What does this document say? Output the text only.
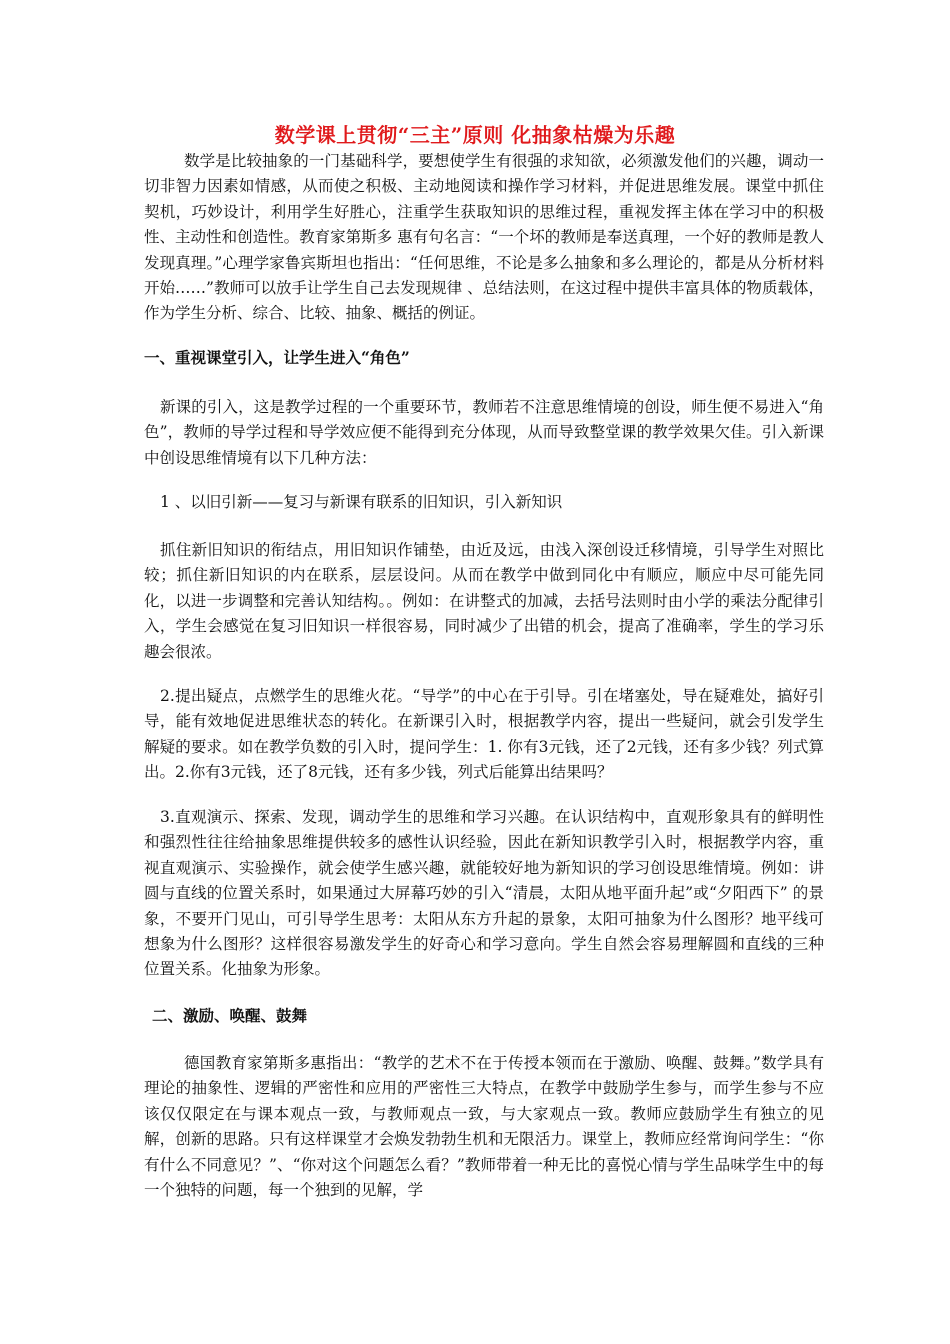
数学课上贯彻“三主”原则 化抽象枯燥为乐趣

数学是比较抽象的一门基础科学，要想使学生有很强的求知欲，必须激发他们的兴趣，调动一切非智力因素如情感，从而使之积极、主动地阅读和操作学习材料，并促进思维发展。课堂中抓住契机，巧妙设计，利用学生好胜心，注重学生获取知识的思维过程，重视发挥主体在学习中的积极性、主动性和创造性。教育家第斯多 惠有句名言：“一个坏的教师是奉送真理，一个好的教师是教人发现真理。”心理学家鲁宾斯坦也指出：“任何思维，不论是多么抽象和多么理论的，都是从分析材料开始……”教师可以放手让学生自己去发现规律 、总结法则，在这过程中提供丰富具体的物质载体，作为学生分析、综合、比较、抽象、概括的例证。

一、重视课堂引入，让学生进入“角色”

新课的引入，这是教学过程的一个重要环节，教师若不注意思维情境的创设，师生便不易进入“角色”，教师的导学过程和导学效应便不能得到充分体现，从而导致整堂课的教学效果欠佳。引入新课中创设思维情境有以下几种方法：

1 、以旧引新——复习与新课有联系的旧知识，引入新知识

抓住新旧知识的衔结点，用旧知识作铺垫，由近及远，由浅入深创设迁移情境，引导学生对照比较；抓住新旧知识的内在联系，层层设问。从而在教学中做到同化中有顺应，顺应中尽可能先同化，以进一步调整和完善认知结构。。例如：在讲整式的加减，去括号法则时由小学的乘法分配律引入，学生会感觉在复习旧知识一样很容易，同时减少了出错的机会，提高了准确率，学生的学习乐趣会很浓。

2.提出疑点，点燃学生的思维火花。“导学”的中心在于引导。引在堵塞处，导在疑难处，搞好引导，能有效地促进思维状态的转化。在新课引入时，根据教学内容，提出一些疑问，就会引发学生解疑的要求。如在教学负数的引入时，提问学生：1. 你有3元钱，还了2元钱，还有多少钱？列式算出。2.你有3元钱，还了8元钱，还有多少钱，列式后能算出结果吗？

3.直观演示、探索、发现，调动学生的思维和学习兴趣。在认识结构中，直观形象具有的鲜明性和强烈性往往给抽象思维提供较多的感性认识经验，因此在新知识教学引入时，根据教学内容，重视直观演示、实验操作，就会使学生感兴趣，就能较好地为新知识的学习创设思维情境。例如：讲圆与直线的位置关系时，如果通过大屏幕巧妙的引入“清晨，太阳从地平面升起”或“夕阳西下” 的景象，不要开门见山，可引导学生思考：太阳从东方升起的景象，太阳可抽象为什么图形？地平线可想象为什么图形？这样很容易激发学生的好奇心和学习意向。学生自然会容易理解圆和直线的三种位置关系。化抽象为形象。

二、激励、唤醒、鼓舞

德国教育家第斯多惠指出：“教学的艺术不在于传授本领而在于激励、唤醒、鼓舞。”数学具有理论的抽象性、逻辑的严密性和应用的严密性三大特点，在教学中鼓励学生参与，而学生参与不应该仅仅限定在与课本观点一致，与教师观点一致，与大家观点一致。教师应鼓励学生有独立的见解，创新的思路。只有这样课堂才会焕发勃勃生机和无限活力。课堂上，教师应经常询问学生：“你有什么不同意见？”、“你对这个问题怎么看？”教师带着一种无比的喜悦心情与学生品味学生中的每一个独特的问题，每一个独到的见解，学
